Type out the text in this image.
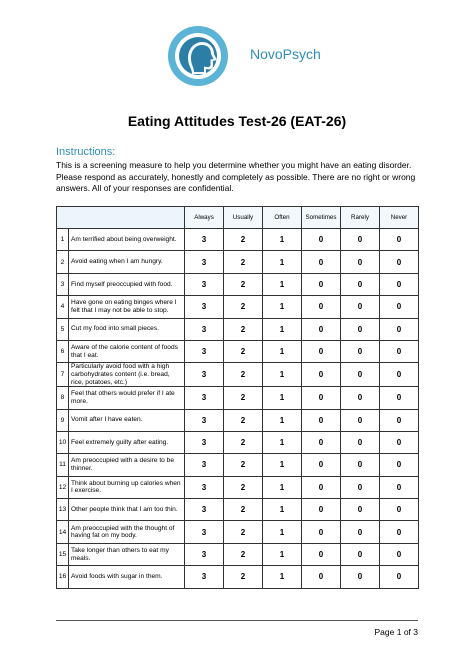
NovoPsych
Eating Attitudes Test-26 (EAT-26)
Instructions:
This is a screening measure to help you determine whether you might have an eating disorder. Please respond as accurately, honestly and completely as possible. There are no right or wrong answers. All of your responses are confidential.
		Always	Usually	Often	Sometimes	Rarely	Never
1	Am terrified about being overweight.	3	2	1	0	0	0
2	Avoid eating when I am hungry.	3	2	1	0	0	0
3	Find myself preoccupied with food.	3	2	1	0	0	0
4	Have gone on eating binges where I felt that I may not be able to stop.	3	2	1	0	0	0
5	Cut my food into small pieces.	3	2	1	0	0	0
6	Aware of the calorie content of foods that I eat.	3	2	1	0	0	0
7	Particularly avoid food with a high carbohydrates content (i.e. bread, rice, potatoes, etc.)	3	2	1	0	0	0
8	Feel that others would prefer if I ate more.	3	2	1	0	0	0
9	Vomit after I have eaten.	3	2	1	0	0	0
10	Feel extremely guilty after eating.	3	2	1	0	0	0
11	Am preoccupied with a desire to be thinner.	3	2	1	0	0	0
12	Think about burning up calories when I exercise.	3	2	1	0	0	0
13	Other people think that I am too thin.	3	2	1	0	0	0
14	Am preoccupied with the thought of having fat on my body.	3	2	1	0	0	0
15	Take longer than others to eat my meals.	3	2	1	0	0	0
16	Avoid foods with sugar in them.	3	2	1	0	0	0
Page 1 of 3
